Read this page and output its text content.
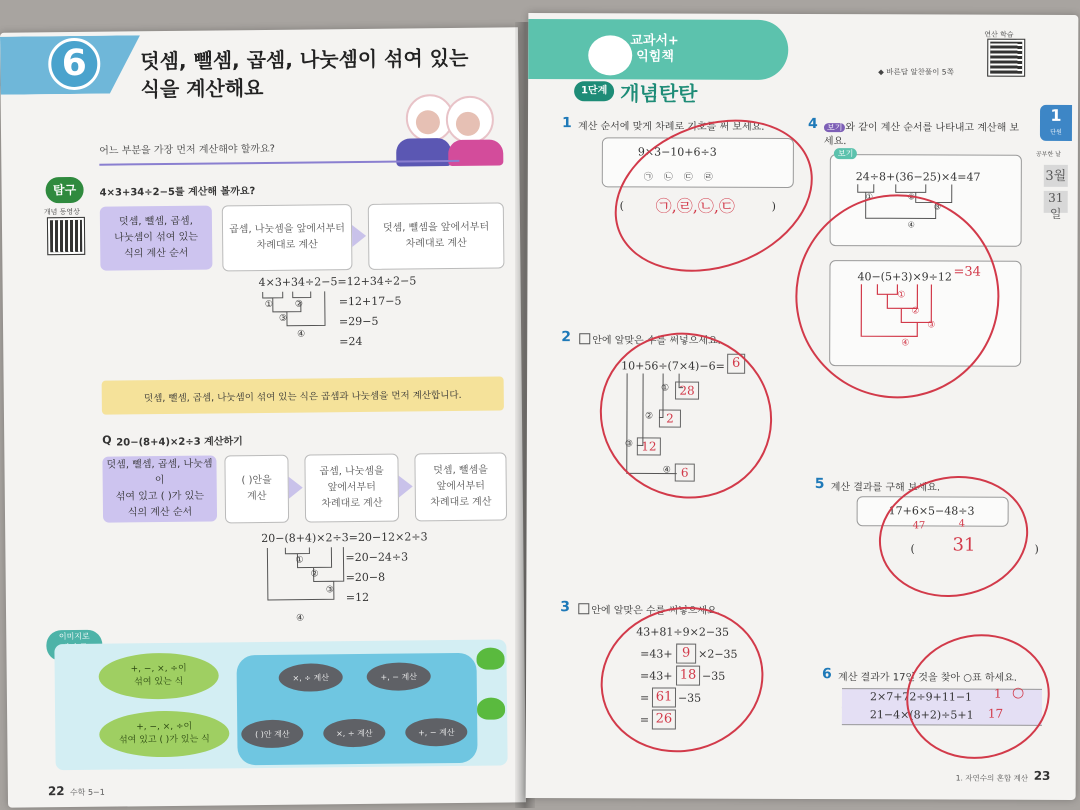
6	덧셈, 뺄셈, 곱셈, 나눗셈이 섞여 있는
식을 계산해요
어느 부분을 가장 먼저 계산해야 할까요?
탐구
개념 동영상
4×3+34÷2−5를 계산해 볼까요?
덧셈, 뺄셈, 곱셈,
나눗셈이 섞여 있는
식의 계산 순서
곱셈, 나눗셈을 앞에서부터
차례대로 계산
덧셈, 뺄셈을 앞에서부터
차례대로 계산
4×3+34÷2−5=12+34÷2−5
=12+17−5
=29−5
=24
① ②
③
④
덧셈, 뺄셈, 곱셈, 나눗셈이 섞여 있는 식은 곱셈과 나눗셈을 먼저 계산합니다.
Q 20−(8+4)×2÷3 계산하기
덧셈, 뺄셈, 곱셈, 나눗셈이
섞여 있고 ( )가 있는
식의 계산 순서
( )안을
계산
곱셈, 나눗셈을
앞에서부터
차례대로 계산
덧셈, 뺄셈을
앞에서부터
차례대로 계산
20−(8+4)×2÷3=20−12×2÷3
=20−24÷3
=20−8
=12
①
②
③
④
이미지로
+, −, ×, ÷이
섞여 있는 식
+, −, ×, ÷이
섞여 있고 ( )가 있는 식
×, ÷ 계산	+, − 계산
( )안 계산	×, ÷ 계산	+, − 계산
22 수학 5−1
교과서+
익힘책
1단계 개념탄탄
연산 학습
◆ 바른답 알찬풀이 5쪽
1
단원
공부한 날
3월
31일
1 계산 순서에 맞게 차례로 기호를 써 보세요.
9×3−10+6÷3
㉠ ㉡ ㉢ ㉣
(	)
㉠,㉣,㉡,㉢
2	안에 알맞은 수를 써넣으세요.
10+56÷(7×4)−6= 6
28
2
12
6
①
②
③
④
3	안에 알맞은 수를 써넣으세요.
43+81÷9×2−35
=43+ 9 ×2−35
=43+ 18 −35
= 61 −35
= 26
4	보기 와 같이 계산 순서를 나타내고 계산해 보
세요.
보기
24÷8+(36−25)×4=47
①	②
③
④
40−(5+3)×9÷12 =34
①
②
③
④
5 계산 결과를 구해 보세요.
17+6×5−48÷3
47	4
( 31	)
6 계산 결과가 17인 것을 찾아 ○표 하세요.
2×7+72÷9+11−1 1
21−4×(8+2)÷5+1 17
○
1. 자연수의 혼합 계산 23
